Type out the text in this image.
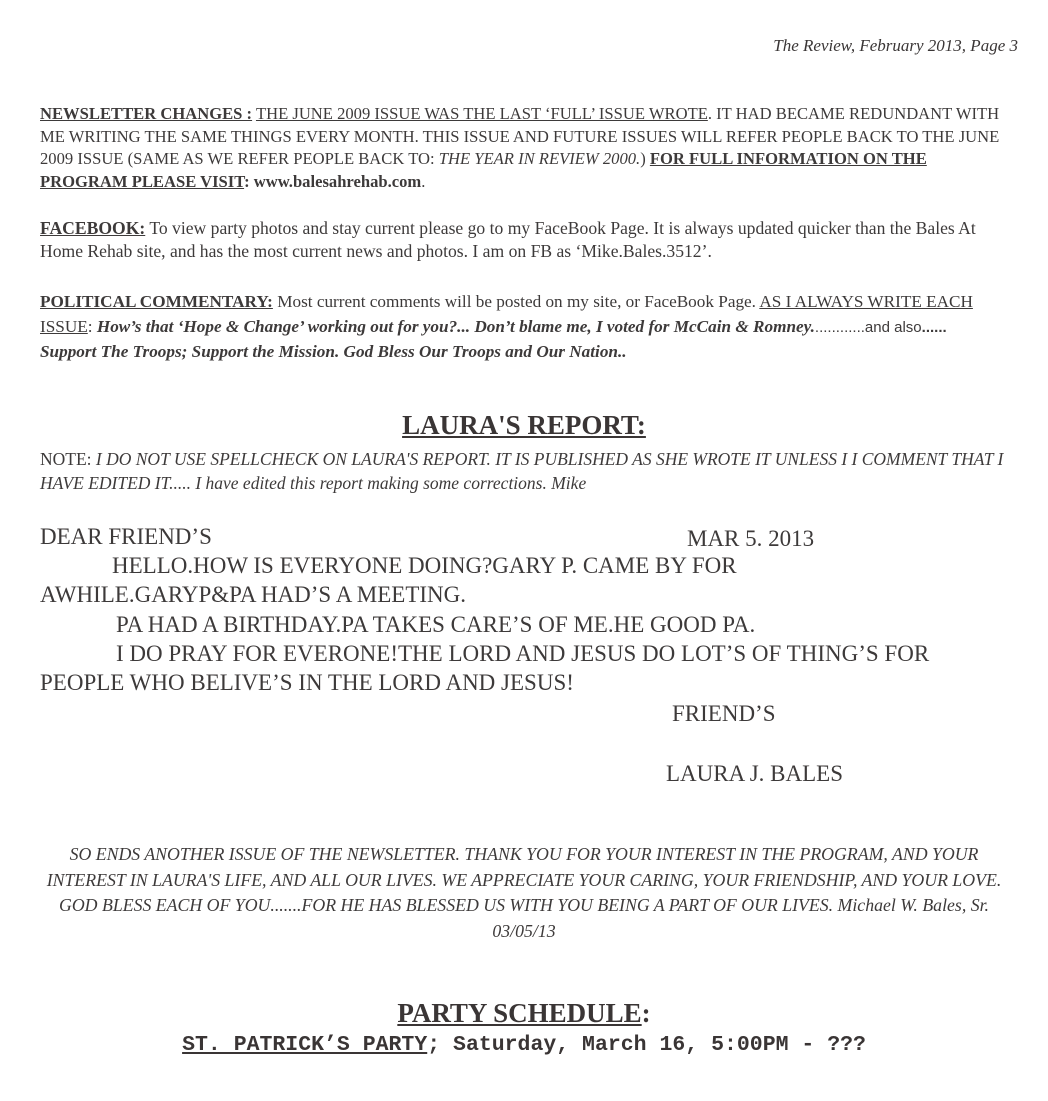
The Review, February 2013, Page 3
NEWSLETTER CHANGES : THE JUNE 2009 ISSUE WAS THE LAST ‘FULL’ ISSUE WROTE. IT HAD BECAME REDUNDANT WITH ME WRITING THE SAME THINGS EVERY MONTH. THIS ISSUE AND FUTURE ISSUES WILL REFER PEOPLE BACK TO THE JUNE 2009 ISSUE (SAME AS WE REFER PEOPLE BACK TO: THE YEAR IN REVIEW 2000.) FOR FULL INFORMATION ON THE PROGRAM PLEASE VISIT: www.balesahrehab.com.
FACEBOOK: To view party photos and stay current please go to my FaceBook Page. It is always updated quicker than the Bales At Home Rehab site, and has the most current news and photos. I am on FB as ‘Mike.Bales.3512’.
POLITICAL COMMENTARY: Most current comments will be posted on my site, or FaceBook Page. AS I ALWAYS WRITE EACH ISSUE: How’s that ‘Hope & Change’ working out for you?... Don’t blame me, I voted for McCain & Romney.............and also...... Support The Troops; Support the Mission. God Bless Our Troops and Our Nation..
LAURA'S REPORT:
NOTE: I DO NOT USE SPELLCHECK ON LAURA'S REPORT. IT IS PUBLISHED AS SHE WROTE IT UNLESS I I COMMENT THAT I HAVE EDITED IT..... I have edited this report making some corrections. Mike
DEAR FRIEND’S	MAR 5. 2013
HELLO.HOW IS EVERYONE DOING?GARY P. CAME BY FOR
AWHILE.GARYP&PA HAD’S A MEETING.
PA HAD A BIRTHDAY.PA TAKES CARE’S OF ME.HE GOOD PA.
I DO PRAY FOR EVERONE!THE LORD AND JESUS DO LOT’S OF THING’S FOR
PEOPLE WHO BELIVE’S IN THE LORD AND JESUS!
FRIEND’S
LAURA J. BALES
SO ENDS ANOTHER ISSUE OF THE NEWSLETTER. THANK YOU FOR YOUR INTEREST IN THE PROGRAM, AND YOUR INTEREST IN LAURA'S LIFE, AND ALL OUR LIVES. WE APPRECIATE YOUR CARING, YOUR FRIENDSHIP, AND YOUR LOVE. GOD BLESS EACH OF YOU.......FOR HE HAS BLESSED US WITH YOU BEING A PART OF OUR LIVES. Michael W. Bales, Sr. 03/05/13
PARTY SCHEDULE:
ST. PATRICK’S PARTY; Saturday, March 16, 5:00PM - ???
